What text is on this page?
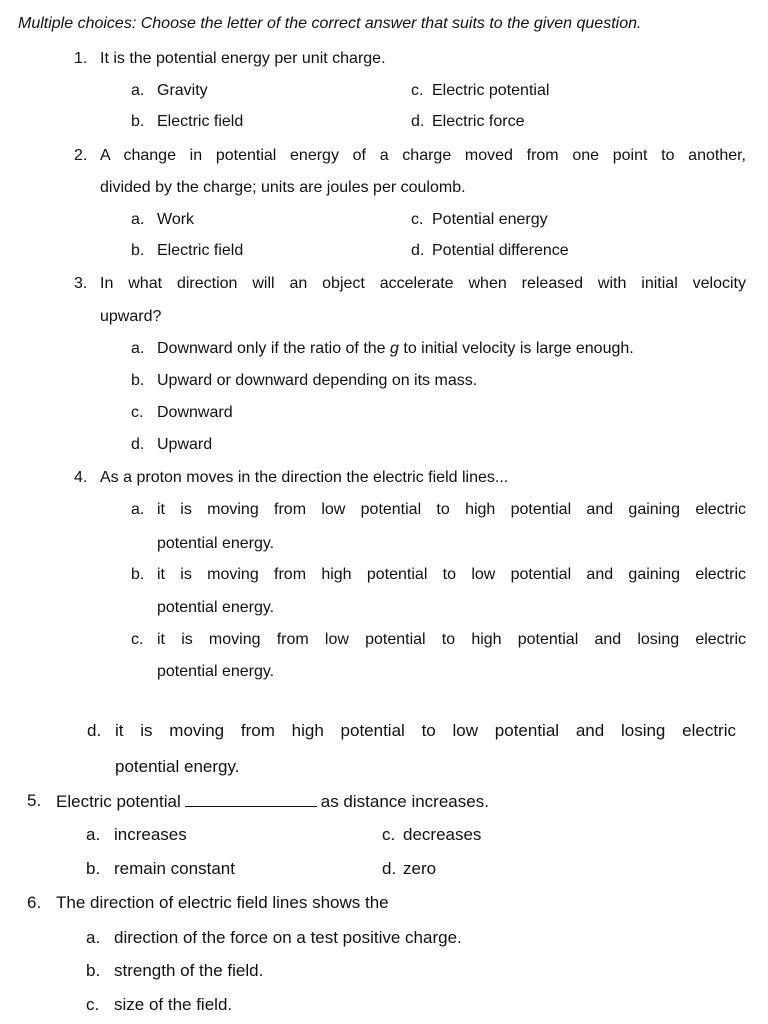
Multiple choices: Choose the letter of the correct answer that suits to the given question.
1. It is the potential energy per unit charge.
a. Gravity	c. Electric potential
b. Electric field	d. Electric force
2. A change in potential energy of a charge moved from one point to another,
divided by the charge; units are joules per coulomb.
a. Work	c. Potential energy
b. Electric field	d. Potential difference
3. In what direction will an object accelerate when released with initial velocity
upward?
a. Downward only if the ratio of the g to initial velocity is large enough.
b. Upward or downward depending on its mass.
c. Downward
d. Upward
4. As a proton moves in the direction the electric field lines...
a. it is moving from low potential to high potential and gaining electric
potential energy.
b. it is moving from high potential to low potential and gaining electric
potential energy.
c. it is moving from low potential to high potential and losing electric
potential energy.
d. it is moving from high potential to low potential and losing electric
potential energy.
5. Electric potential	as distance increases.
a. increases	c. decreases
b. remain constant	d. zero
6. The direction of electric field lines shows the
a. direction of the force on a test positive charge.
b. strength of the field.
c. size of the field.
